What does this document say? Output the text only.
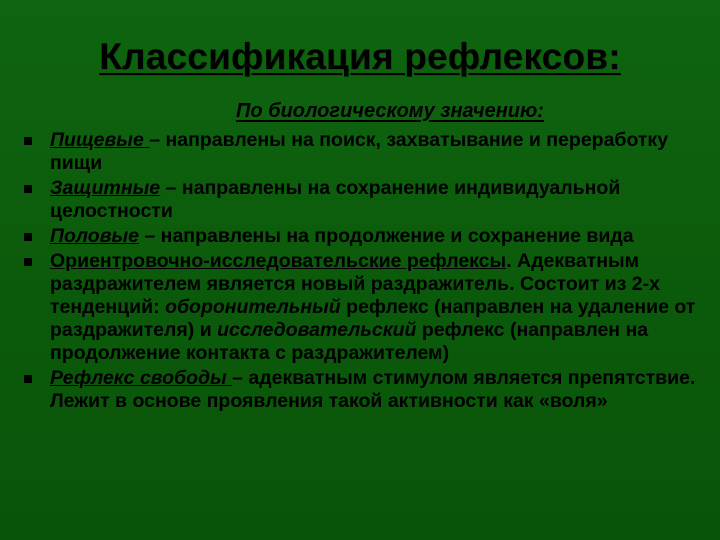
Классификация рефлексов:
По биологическому значению:
Пищевые – направлены на поиск, захватывание и переработку пищи
Защитные – направлены на сохранение индивидуальной целостности
Половые – направлены на продолжение и сохранение вида
Ориентровочно-исследовательские рефлексы. Адекватным раздражителем является новый раздражитель. Состоит из 2-х тенденций: оборонительный рефлекс (направлен на удаление от раздражителя) и исследовательский рефлекс (направлен на продолжение контакта с раздражителем)
Рефлекс свободы – адекватным стимулом является препятствие. Лежит в основе проявления такой активности как «воля»
